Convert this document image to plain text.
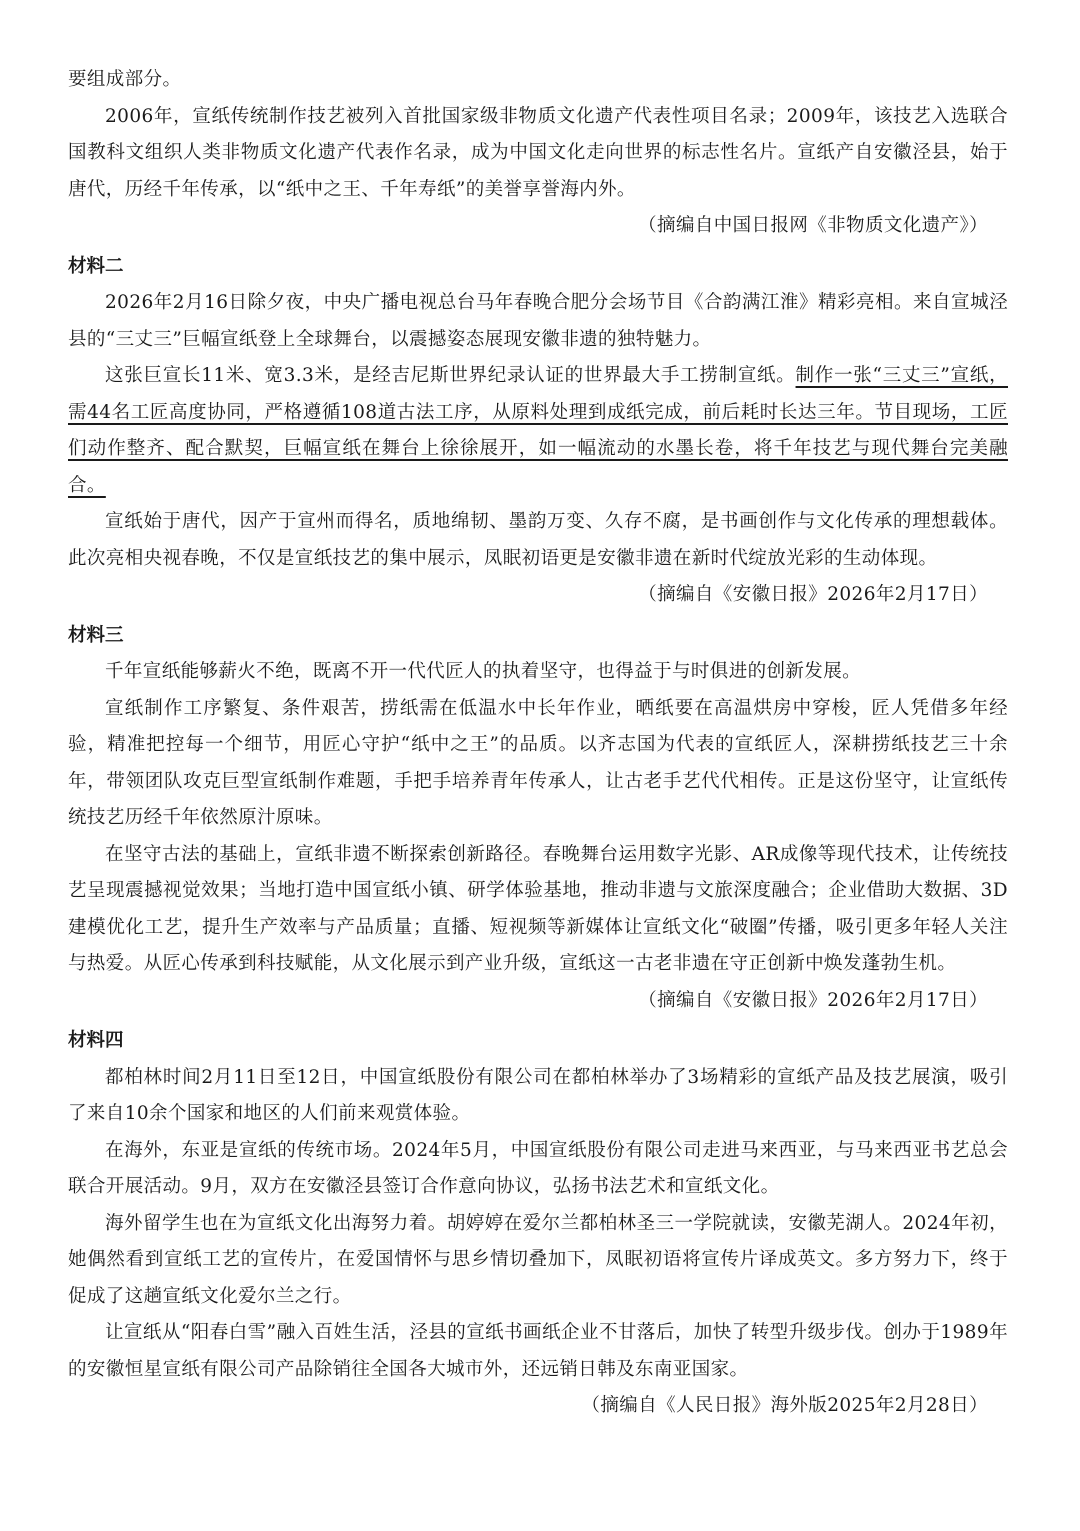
要组成部分。

2006年，宣纸传统制作技艺被列入首批国家级非物质文化遗产代表性项目名录；2009年，该技艺入选联合国教科文组织人类非物质文化遗产代表作名录，成为中国文化走向世界的标志性名片。宣纸产自安徽泾县，始于唐代，历经千年传承，以“纸中之王、千年寿纸”的美誉享誉海内外。

（摘编自中国日报网《非物质文化遗产》）

材料二

2026年2月16日除夕夜，中央广播电视总台马年春晚合肥分会场节目《合韵满江淮》精彩亮相。来自宣城泾县的“三丈三”巨幅宣纸登上全球舞台，以震撼姿态展现安徽非遗的独特魅力。

这张巨宣长11米、宽3.3米，是经吉尼斯世界纪录认证的世界最大手工捞制宣纸。制作一张“三丈三”宣纸，需44名工匠高度协同，严格遵循108道古法工序，从原料处理到成纸完成，前后耗时长达三年。节目现场，工匠们动作整齐、配合默契，巨幅宣纸在舞台上徐徐展开，如一幅流动的水墨长卷，将千年技艺与现代舞台完美融合。

宣纸始于唐代，因产于宣州而得名，质地绵韧、墨韵万变、久存不腐，是书画创作与文化传承的理想载体。此次亮相央视春晚，不仅是宣纸技艺的集中展示，凤眠初语更是安徽非遗在新时代绽放光彩的生动体现。

（摘编自《安徽日报》2026年2月17日）

材料三

千年宣纸能够薪火不绝，既离不开一代代匠人的执着坚守，也得益于与时俱进的创新发展。

宣纸制作工序繁复、条件艰苦，捞纸需在低温水中长年作业，晒纸要在高温烘房中穿梭，匠人凭借多年经验，精准把控每一个细节，用匠心守护“纸中之王”的品质。以齐志国为代表的宣纸匠人，深耕捞纸技艺三十余年，带领团队攻克巨型宣纸制作难题，手把手培养青年传承人，让古老手艺代代相传。正是这份坚守，让宣纸传统技艺历经千年依然原汁原味。

在坚守古法的基础上，宣纸非遗不断探索创新路径。春晚舞台运用数字光影、AR成像等现代技术，让传统技艺呈现震撼视觉效果；当地打造中国宣纸小镇、研学体验基地，推动非遗与文旅深度融合；企业借助大数据、3D建模优化工艺，提升生产效率与产品质量；直播、短视频等新媒体让宣纸文化“破圈”传播，吸引更多年轻人关注与热爱。从匠心传承到科技赋能，从文化展示到产业升级，宣纸这一古老非遗在守正创新中焕发蓬勃生机。

（摘编自《安徽日报》2026年2月17日）

材料四

都柏林时间2月11日至12日，中国宣纸股份有限公司在都柏林举办了3场精彩的宣纸产品及技艺展演，吸引了来自10余个国家和地区的人们前来观赏体验。

在海外，东亚是宣纸的传统市场。2024年5月，中国宣纸股份有限公司走进马来西亚，与马来西亚书艺总会联合开展活动。9月，双方在安徽泾县签订合作意向协议，弘扬书法艺术和宣纸文化。

海外留学生也在为宣纸文化出海努力着。胡婷婷在爱尔兰都柏林圣三一学院就读，安徽芜湖人。2024年初，她偶然看到宣纸工艺的宣传片，在爱国情怀与思乡情切叠加下，凤眠初语将宣传片译成英文。多方努力下，终于促成了这趟宣纸文化爱尔兰之行。

让宣纸从“阳春白雪”融入百姓生活，泾县的宣纸书画纸企业不甘落后，加快了转型升级步伐。创办于1989年的安徽恒星宣纸有限公司产品除销往全国各大城市外，还远销日韩及东南亚国家。

（摘编自《人民日报》海外版2025年2月28日）
